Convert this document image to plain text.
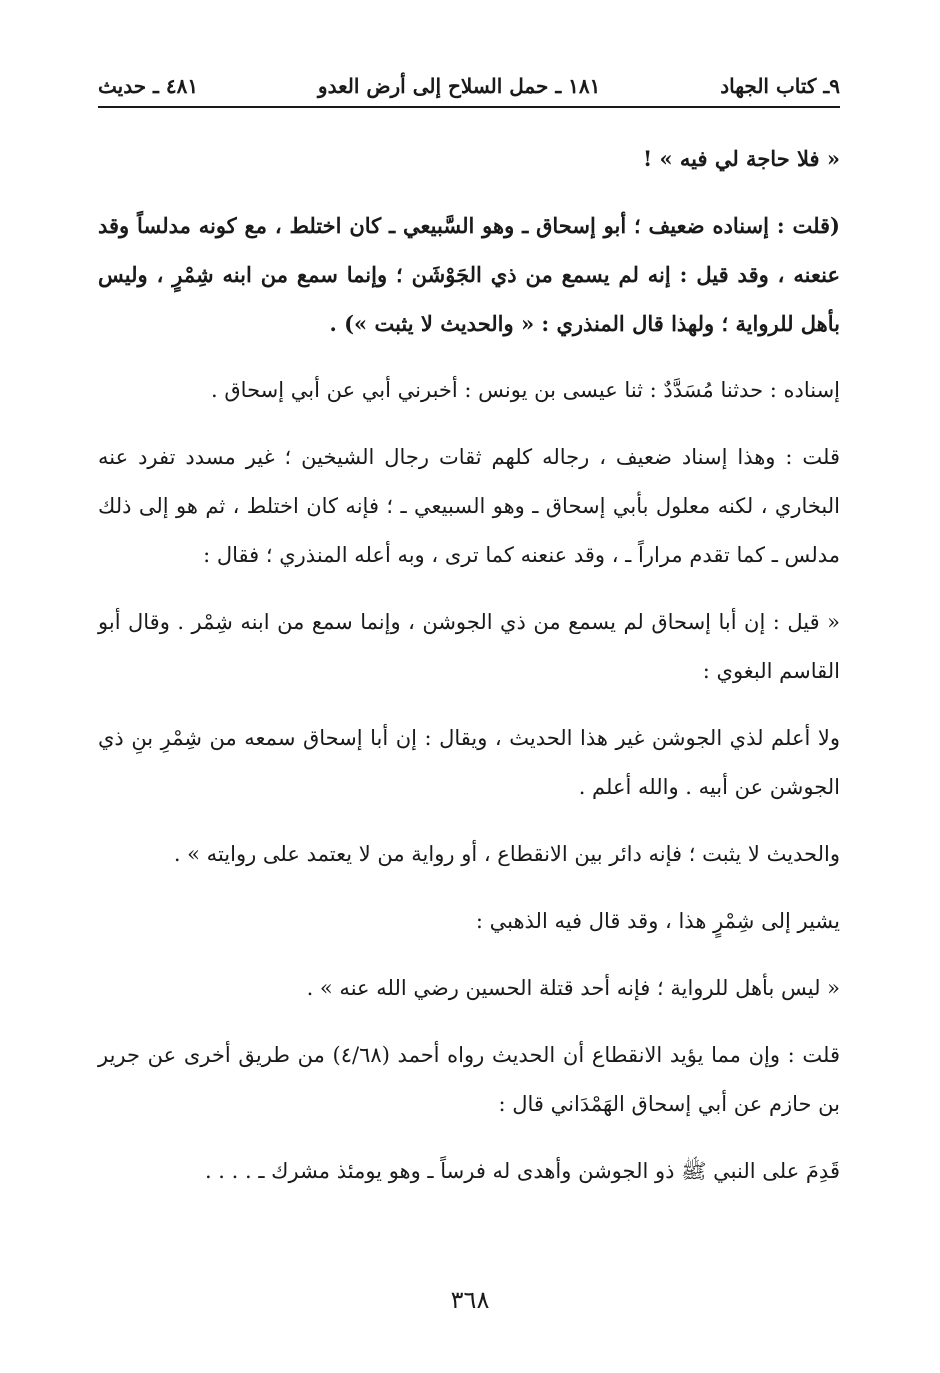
٩ـ كتاب الجهاد
١٨١ ـ حمل السلاح إلى أرض العدو
٤٨١ ـ حديث

« فلا حاجة لي فيه » !

(قلت : إسناده ضعيف ؛ أبو إسحاق ـ وهو السَّبيعي ـ كان اختلط ، مع كونه مدلساً وقد عنعنه ، وقد قيل : إنه لم يسمع من ذي الجَوْشَن ؛ وإنما سمع من ابنه شِمْرٍ ، وليس بأهل للرواية ؛ ولهذا قال المنذري : « والحديث لا يثبت ») .

إسناده : حدثنا مُسَدَّدٌ : ثنا عيسى بن يونس : أخبرني أبي عن أبي إسحاق .

قلت : وهذا إسناد ضعيف ، رجاله كلهم ثقات رجال الشيخين ؛ غير مسدد تفرد عنه البخاري ، لكنه معلول بأبي إسحاق ـ وهو السبيعي ـ ؛ فإنه كان اختلط ، ثم هو إلى ذلك مدلس ـ كما تقدم مراراً ـ ، وقد عنعنه كما ترى ، وبه أعله المنذري ؛ فقال :

« قيل : إن أبا إسحاق لم يسمع من ذي الجوشن ، وإنما سمع من ابنه شِمْر . وقال أبو القاسم البغوي :

ولا أعلم لذي الجوشن غير هذا الحديث ، ويقال : إن أبا إسحاق سمعه من شِمْرِ بنِ ذي الجوشن عن أبيه . والله أعلم .

والحديث لا يثبت ؛ فإنه دائر بين الانقطاع ، أو رواية من لا يعتمد على روايته » .

يشير إلى شِمْرٍ هذا ، وقد قال فيه الذهبي :

« ليس بأهل للرواية ؛ فإنه أحد قتلة الحسين رضي الله عنه » .

قلت : وإن مما يؤيد الانقطاع أن الحديث رواه أحمد (٤/٦٨) من طريق أخرى عن جرير بن حازم عن أبي إسحاق الهَمْدَاني قال :

قَدِمَ على النبي ﷺ ذو الجوشن وأهدى له فرساً ـ وهو يومئذ مشرك ـ . . . .

٣٦٨
